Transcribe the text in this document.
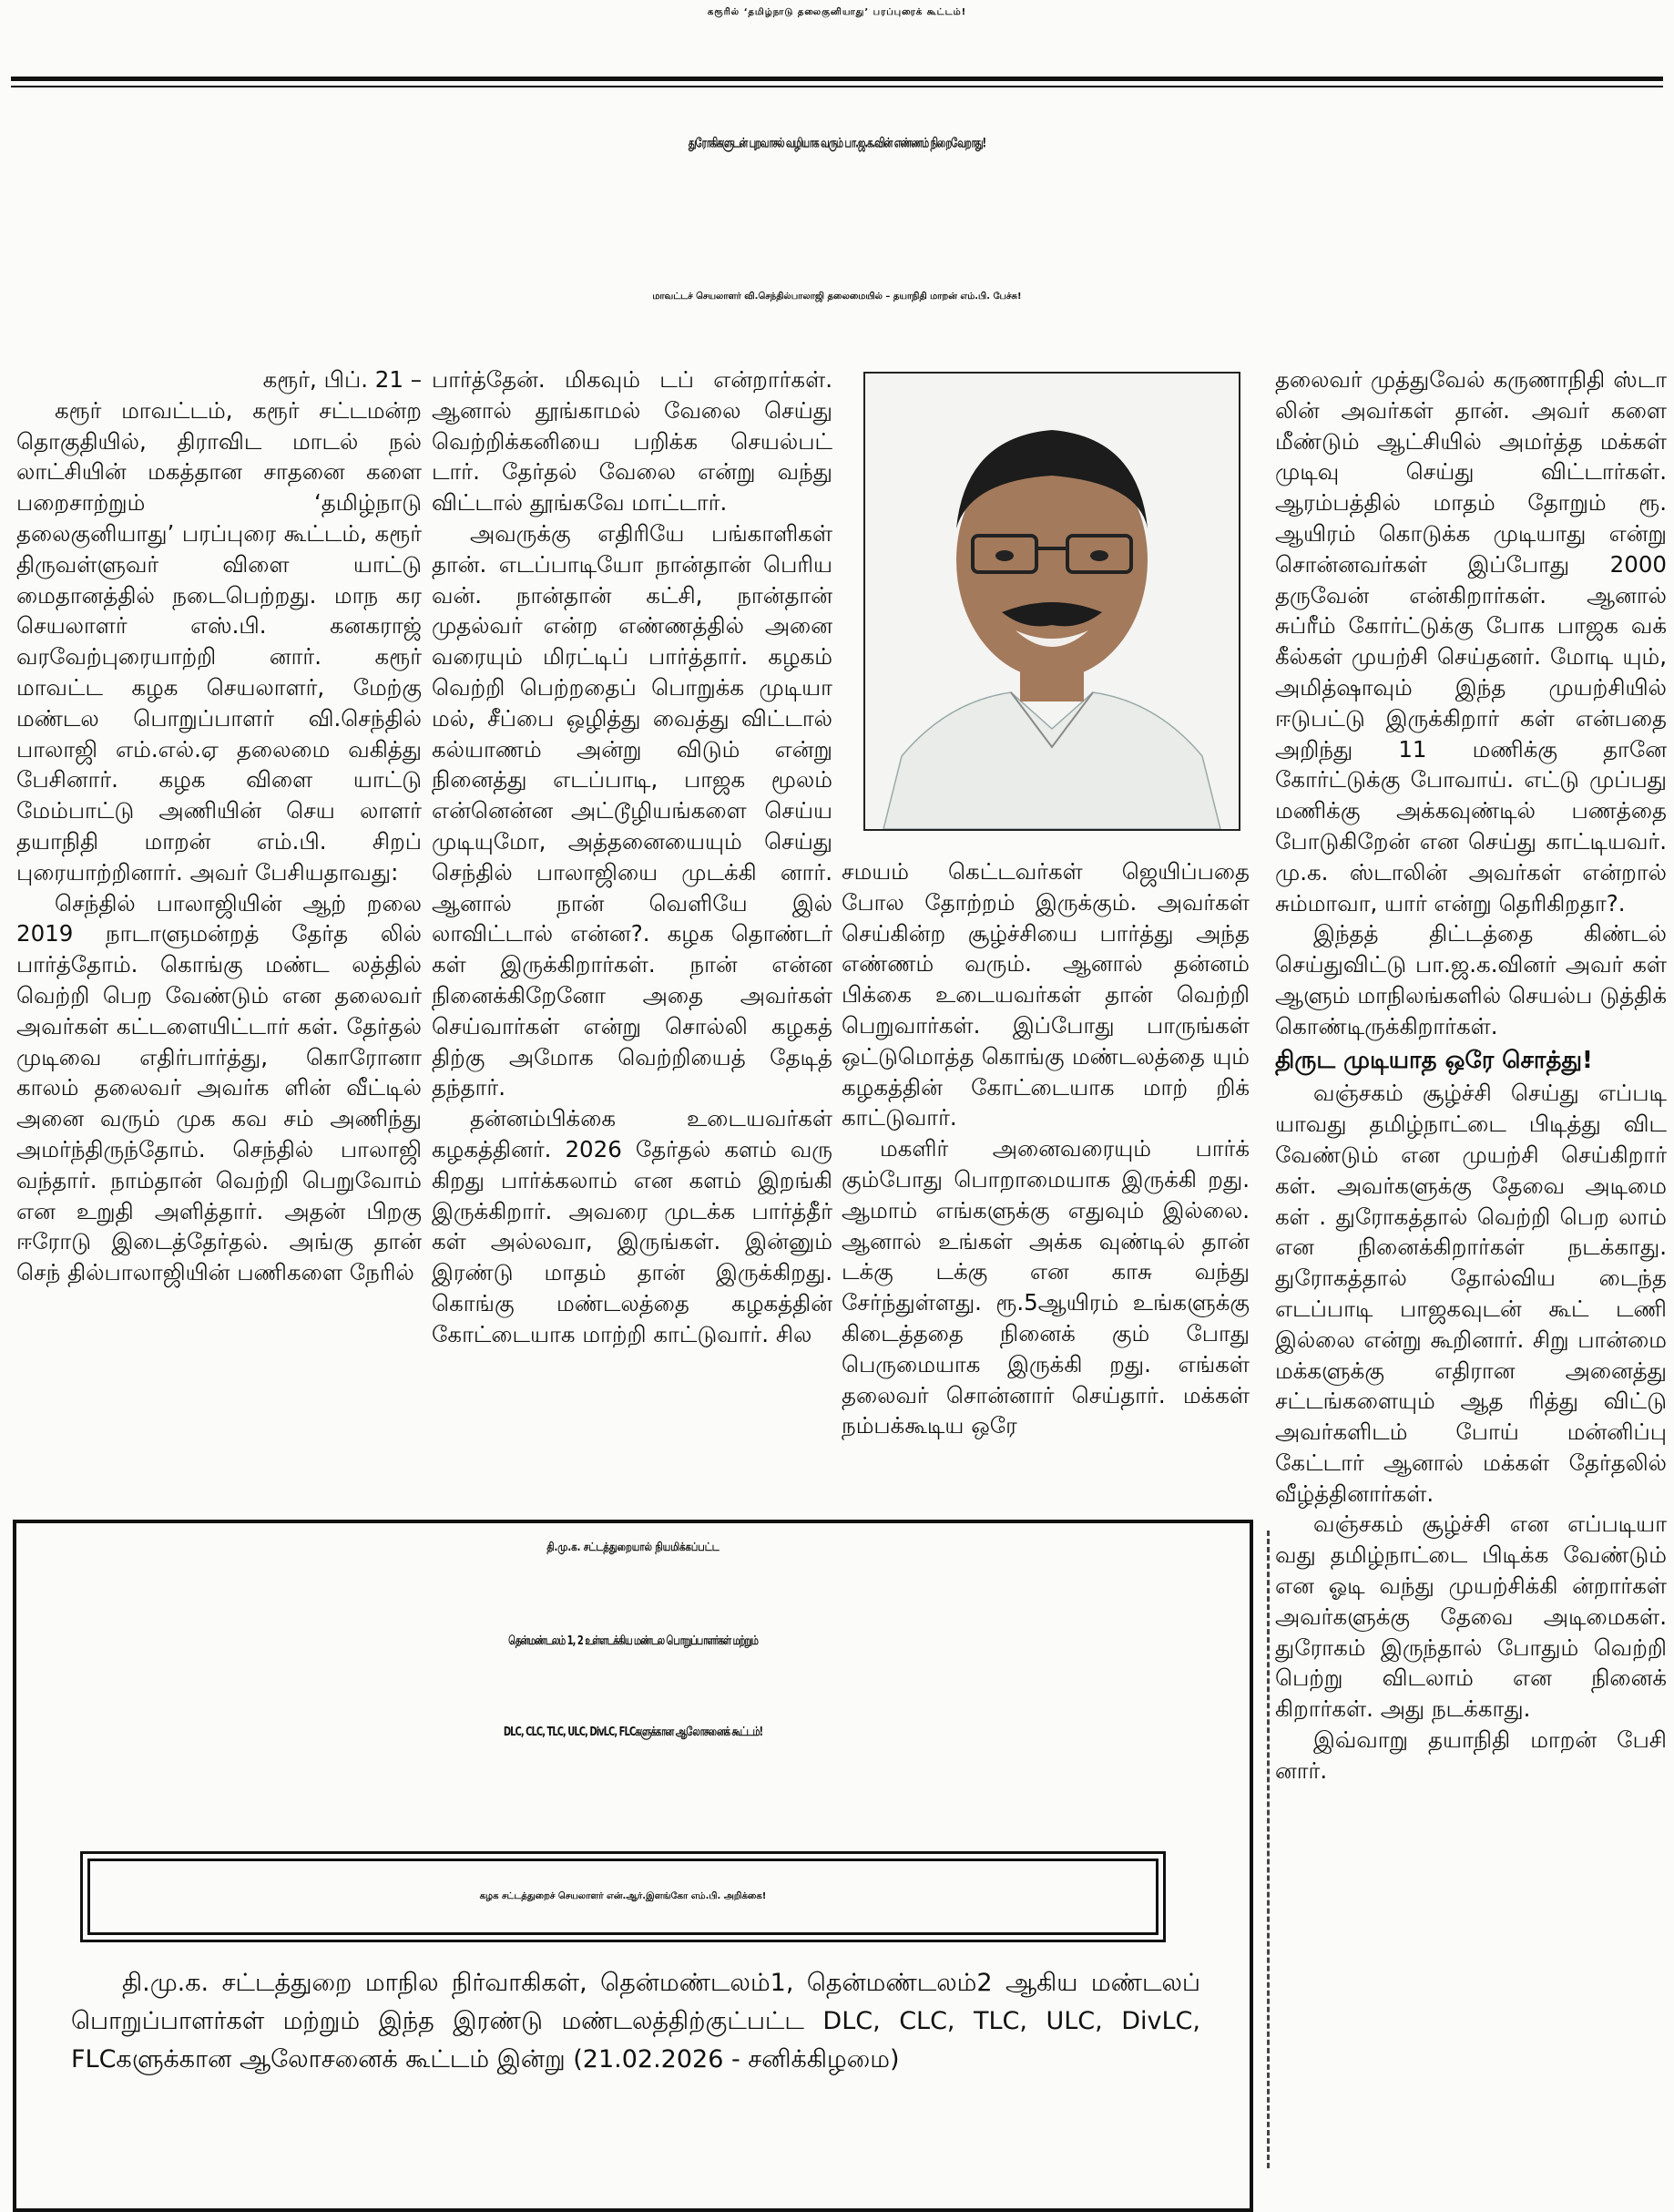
கரூரில் ‘தமிழ்நாடு தலைகுனியாது’ பரப்புரைக் கூட்டம்!
துரோகிகளுடன் புறவாசல் வழியாக வரும் பா.ஜ.க.வின் எண்ணம் நிறைவேறாது!
மாவட்டச் செயலாளர் வி.செந்தில்பாலாஜி தலைமையில் – தயாநிதி மாறன் எம்.பி. பேச்சு!
கரூர், பிப். 21 –

கரூர் மாவட்டம், கரூர் சட்டமன்ற தொகுதியில், திராவிட மாடல் நல் லாட்சியின் மகத்தான சாதனை களை பறைசாற்றும் ‘தமிழ்நாடு தலைகுனியாது’ பரப்புரை கூட்டம், கரூர் திருவள்ளுவர் விளை யாட்டு மைதானத்தில் நடைபெற்றது. மாந கர செயலாளர் எஸ்.பி. கனகராஜ் வரவேற்புரையாற்றி னார். கரூர் மாவட்ட கழக செயலாளர், மேற்கு மண்டல பொறுப்பாளர் வி.செந்தில் பாலாஜி எம்.எல்.ஏ தலைமை வகித்து பேசினார். கழக விளை யாட்டு மேம்பாட்டு அணியின் செய லாளர் தயாநிதி மாறன் எம்.பி. சிறப் புரையாற்றினார். அவர் பேசியதாவது:

செந்தில் பாலாஜியின் ஆற் றலை 2019 நாடாளுமன்றத் தேர்த லில் பார்த்தோம். கொங்கு மண்ட லத்தில் வெற்றி பெற வேண்டும் என தலைவர் அவர்கள் கட்டளையிட்டார் கள். தேர்தல் முடிவை எதிர்பார்த்து, கொரோனா காலம் தலைவர் அவர்க ளின் வீட்டில் அனை வரும் முக கவ சம் அணிந்து அமர்ந்திருந்தோம். செந்தில் பாலாஜி வந்தார். நாம்தான் வெற்றி பெறுவோம் என உறுதி அளித்தார். அதன் பிறகு ஈரோடு இடைத்தேர்தல். அங்கு தான் செந் தில்பாலாஜியின் பணிகளை நேரில்

பார்த்தேன். மிகவும் டப் என்றார்கள். ஆனால் தூங்காமல் வேலை செய்து வெற்றிக்கனியை பறிக்க செயல்பட் டார். தேர்தல் வேலை என்று வந்து விட்டால் தூங்கவே மாட்டார்.

அவருக்கு எதிரியே பங்காளிகள் தான். எடப்பாடியோ நான்தான் பெரிய வன். நான்தான் கட்சி, நான்தான் முதல்வர் என்ற எண்ணத்தில் அனை வரையும் மிரட்டிப் பார்த்தார். கழகம் வெற்றி பெற்றதைப் பொறுக்க முடியா மல், சீப்பை ஒழித்து வைத்து விட்டால் கல்யாணம் அன்று விடும் என்று நினைத்து எடப்பாடி, பாஜக மூலம் என்னென்ன அட்டூழியங்களை செய்ய முடியுமோ, அத்தனையையும் செய்து செந்தில் பாலாஜியை முடக்கி னார். ஆனால் நான் வெளியே இல் லாவிட்டால் என்ன?. கழக தொண்டர் கள் இருக்கிறார்கள். நான் என்ன நினைக்கிறேனோ அதை அவர்கள் செய்வார்கள் என்று சொல்லி கழகத் திற்கு அமோக வெற்றியைத் தேடித் தந்தார்.

தன்னம்பிக்கை உடையவர்கள் கழகத்தினர். 2026 தேர்தல் களம் வரு கிறது பார்க்கலாம் என களம் இறங்கி இருக்கிறார். அவரை முடக்க பார்த்தீர் கள் அல்லவா, இருங்கள். இன்னும் இரண்டு மாதம் தான் இருக்கிறது. கொங்கு மண்டலத்தை கழகத்தின் கோட்டையாக மாற்றி காட்டுவார். சில

சமயம் கெட்டவர்கள் ஜெயிப்பதை போல தோற்றம் இருக்கும். அவர்கள் செய்கின்ற சூழ்ச்சியை பார்த்து அந்த எண்ணம் வரும். ஆனால் தன்னம் பிக்கை உடையவர்கள் தான் வெற்றி பெறுவார்கள். இப்போது பாருங்கள் ஒட்டுமொத்த கொங்கு மண்டலத்தை யும் கழகத்தின் கோட்டையாக மாற் றிக் காட்டுவார்.

மகளிர் அனைவரையும் பார்க் கும்போது பொறாமையாக இருக்கி றது. ஆமாம் எங்களுக்கு எதுவும் இல்லை. ஆனால் உங்கள் அக்க வுண்டில் தான் டக்கு டக்கு என காசு வந்து சேர்ந்துள்ளது. ரூ.5ஆயிரம் உங்களுக்கு கிடைத்ததை நினைக் கும் போது பெருமையாக இருக்கி றது. எங்கள் தலைவர் சொன்னார் செய்தார். மக்கள் நம்பக்கூடிய ஒரே

தலைவர் முத்துவேல் கருணாநிதி ஸ்டா லின் அவர்கள் தான். அவர் களை மீண்டும் ஆட்சியில் அமர்த்த மக்கள் முடிவு செய்து விட்டார்கள். ஆரம்பத்தில் மாதம் தோறும் ரூ. ஆயிரம் கொடுக்க முடியாது என்று சொன்னவர்கள் இப்போது 2000 தருவேன் என்கிறார்கள். ஆனால் சுப்ரீம் கோர்ட்டுக்கு போக பாஜக வக் கீல்கள் முயற்சி செய்தனர். மோடி யும், அமித்ஷாவும் இந்த முயற்சியில் ஈடுபட்டு இருக்கிறார் கள் என்பதை அறிந்து 11 மணிக்கு தானே கோர்ட்டுக்கு போவாய். எட்டு முப்பது மணிக்கு அக்கவுண்டில் பணத்தை போடுகிறேன் என செய்து காட்டியவர். மு.க. ஸ்டாலின் அவர்கள் என்றால் சும்மாவா, யார் என்று தெரிகிறதா?.

இந்தத் திட்டத்தை கிண்டல் செய்துவிட்டு பா.ஜ.க.வினர் அவர் கள் ஆளும் மாநிலங்களில் செயல்ப டுத்திக் கொண்டிருக்கிறார்கள்.

திருட முடியாத ஒரே சொத்து!

வஞ்சகம் சூழ்ச்சி செய்து எப்படி யாவது தமிழ்நாட்டை பிடித்து விட வேண்டும் என முயற்சி செய்கிறார் கள். அவர்களுக்கு தேவை அடிமை கள் . துரோகத்தால் வெற்றி பெற லாம் என நினைக்கிறார்கள் நடக்காது. துரோகத்தால் தோல்விய டைந்த எடப்பாடி பாஜகவுடன் கூட் டணி இல்லை என்று கூறினார். சிறு பான்மை மக்களுக்கு எதிரான அனைத்து சட்டங்களையும் ஆத ரித்து விட்டு அவர்களிடம் போய் மன்னிப்பு கேட்டார் ஆனால் மக்கள் தேர்தலில் வீழ்த்தினார்கள்.

வஞ்சகம் சூழ்ச்சி என எப்படியா வது தமிழ்நாட்டை பிடிக்க வேண்டும் என ஓடி வந்து முயற்சிக்கி ன்றார்கள் அவர்களுக்கு தேவை அடிமைகள். துரோகம் இருந்தால் போதும் வெற்றி பெற்று விடலாம் என நினைக் கிறார்கள். அது நடக்காது.

இவ்வாறு தயாநிதி மாறன் பேசி னார்.

தி.மு.க. சட்டத்துறையால் நியமிக்கப்பட்ட
தென்மண்டலம் 1, 2 உள்ளடக்கிய மண்டல பொறுப்பாளர்கள் மற்றும்
DLC, CLC, TLC, ULC, DivLC, FLCகளுக்கான ஆலோசனைக் கூட்டம்!
கழக சட்டத்துறைச் செயலாளர் என்.ஆர்.இளங்கோ எம்.பி. அறிக்கை!

தி.மு.க. சட்டத்துறை மாநில நிர்வாகிகள், தென்மண்டலம்1, தென்மண்டலம்2 ஆகிய மண்டலப் பொறுப்பாளர்கள் மற்றும் இந்த இரண்டு மண்டலத்திற்குட்பட்ட DLC, CLC, TLC, ULC, DivLC, FLCகளுக்கான ஆலோசனைக் கூட்டம் இன்று (21.02.2026 - சனிக்கிழமை)
